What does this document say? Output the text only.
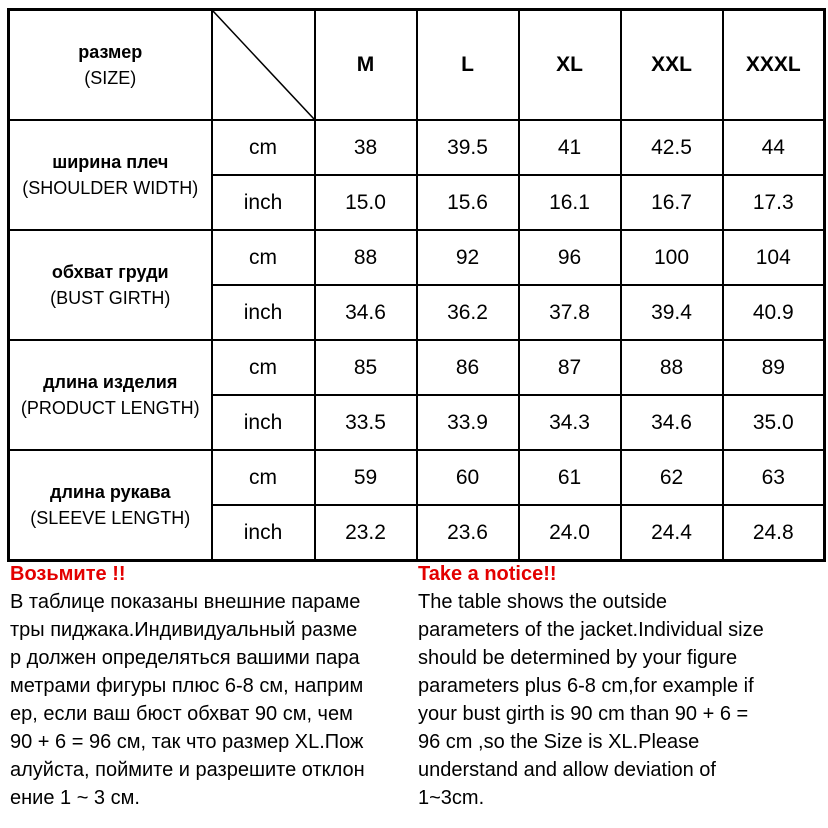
размер
(SIZE)		M	L	XL	XXL	XXXL

ширина плеч
(SHOULDER WIDTH)	cm	38	39.5	41	42.5	44
	inch	15.0	15.6	16.1	16.7	17.3

обхват груди
(BUST GIRTH)	cm	88	92	96	100	104
	inch	34.6	36.2	37.8	39.4	40.9

длина изделия
(PRODUCT LENGTH)	cm	85	86	87	88	89
	inch	33.5	33.9	34.3	34.6	35.0

длина рукава
(SLEEVE LENGTH)	cm	59	60	61	62	63
	inch	23.2	23.6	24.0	24.4	24.8

Возьмите !!

В таблице показаны внешние параме

тры пиджака.Индивидуальный разме

р должен определяться вашими пара

метрами фигуры плюс 6-8 см, наприм

ер, если ваш бюст обхват 90 см, чем

90 + 6 = 96 см, так что размер XL.Пож

алуйста, поймите и разрешите отклон

ение 1 ~ 3 см.

Take a notice!!

The table shows the outside

parameters of the jacket.Individual size

should be determined by your figure

parameters plus 6-8 cm,for example if

your bust girth is 90 cm than 90 + 6 =

96 cm ,so the Size is XL.Please

understand and allow deviation of

1~3cm.
